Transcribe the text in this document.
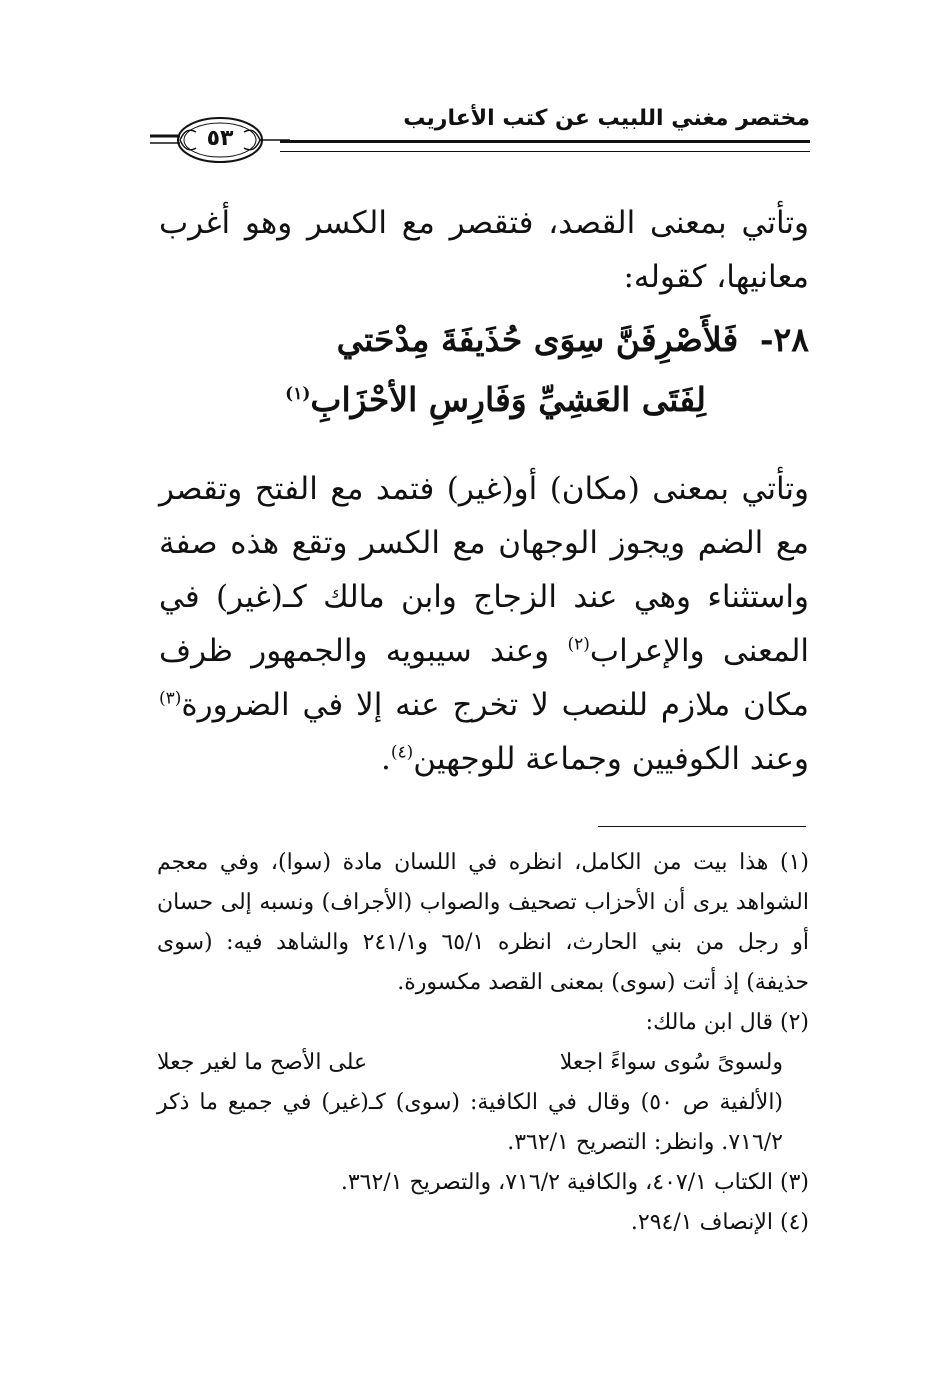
مختصر مغني اللبيب عن كتب الأعاريب
٥٣
وتأتي بمعنى القصد، فتقصر مع الكسر وهو أغرب معانيها، كقوله:
٢٨- فَلأَصْرِفَنَّ سِوَى حُذَيفَةَ مِدْحَتي
لِفَتَى العَشِيِّ وَفَارِسِ الأحْزَابِ$^{(١)}$
وتأتي بمعنى (مكان) أو(غير) فتمد مع الفتح وتقصر مع الضم ويجوز الوجهان مع الكسر وتقع هذه صفة واستثناء وهي عند الزجاج وابن مالك كـ(غير) في المعنى والإعراب$^{(٢)}$ وعند سيبويه والجمهور ظرف مكان ملازم للنصب لا تخرج عنه إلا في الضرورة$^{(٣)}$ وعند الكوفيين وجماعة للوجهين$^{(٤)}$.
(١) هذا بيت من الكامل، انظره في اللسان مادة (سوا)، وفي معجم الشواهد يرى أن الأحزاب تصحيف والصواب (الأجراف) ونسبه إلى حسان أو رجل من بني الحارث، انظره ٦٥/١ و٢٤١/١ والشاهد فيه: (سوى حذيفة) إذ أتت (سوى) بمعنى القصد مكسورة.
(٢) قال ابن مالك:
ولسوىً سُوى سواءً اجعلا
على الأصح ما لغير جعلا
(الألفية ص ٥٠) وقال في الكافية: (سوى) كـ(غير) في جميع ما ذكر ٧١٦/٢. وانظر: التصريح ٣٦٢/١.
(٣) الكتاب ٤٠٧/١، والكافية ٧١٦/٢، والتصريح ٣٦٢/١.
(٤) الإنصاف ٢٩٤/١.
